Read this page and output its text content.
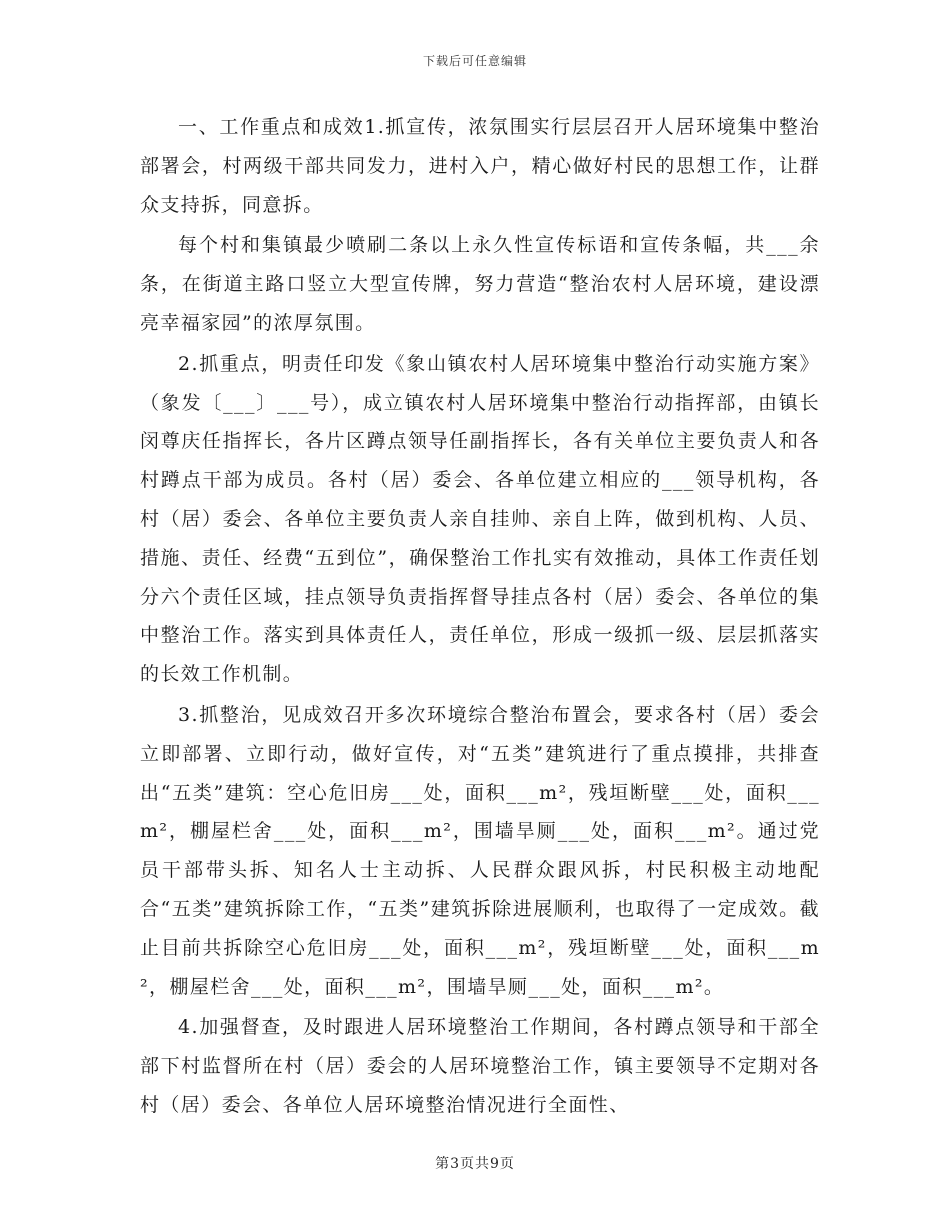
下载后可任意编辑

一、工作重点和成效1.抓宣传，浓氛围实行层层召开人居环境集中整治部署会，村两级干部共同发力，进村入户，精心做好村民的思想工作，让群众支持拆，同意拆。

每个村和集镇最少喷刷二条以上永久性宣传标语和宣传条幅，共___余条，在街道主路口竖立大型宣传牌，努力营造“整治农村人居环境，建设漂亮幸福家园”的浓厚氛围。

2.抓重点，明责任印发《象山镇农村人居环境集中整治行动实施方案》（象发〔___〕___号），成立镇农村人居环境集中整治行动指挥部，由镇长闵尊庆任指挥长，各片区蹲点领导任副指挥长，各有关单位主要负责人和各村蹲点干部为成员。各村（居）委会、各单位建立相应的___领导机构，各村（居）委会、各单位主要负责人亲自挂帅、亲自上阵，做到机构、人员、措施、责任、经费“五到位”，确保整治工作扎实有效推动，具体工作责任划分六个责任区域，挂点领导负责指挥督导挂点各村（居）委会、各单位的集中整治工作。落实到具体责任人，责任单位，形成一级抓一级、层层抓落实的长效工作机制。

3.抓整治，见成效召开多次环境综合整治布置会，要求各村（居）委会立即部署、立即行动，做好宣传，对“五类”建筑进行了重点摸排，共排查出“五类”建筑：空心危旧房___处，面积___m²，残垣断壁___处，面积___m²，棚屋栏舍___处，面积___m²，围墙旱厕___处，面积___m²。通过党员干部带头拆、知名人士主动拆、人民群众跟风拆，村民积极主动地配合“五类”建筑拆除工作，“五类”建筑拆除进展顺利，也取得了一定成效。截止目前共拆除空心危旧房___处，面积___m²，残垣断壁___处，面积___m²，棚屋栏舍___处，面积___m²，围墙旱厕___处，面积___m²。

4.加强督查，及时跟进人居环境整治工作期间，各村蹲点领导和干部全部下村监督所在村（居）委会的人居环境整治工作，镇主要领导不定期对各村（居）委会、各单位人居环境整治情况进行全面性、

第3页共9页
